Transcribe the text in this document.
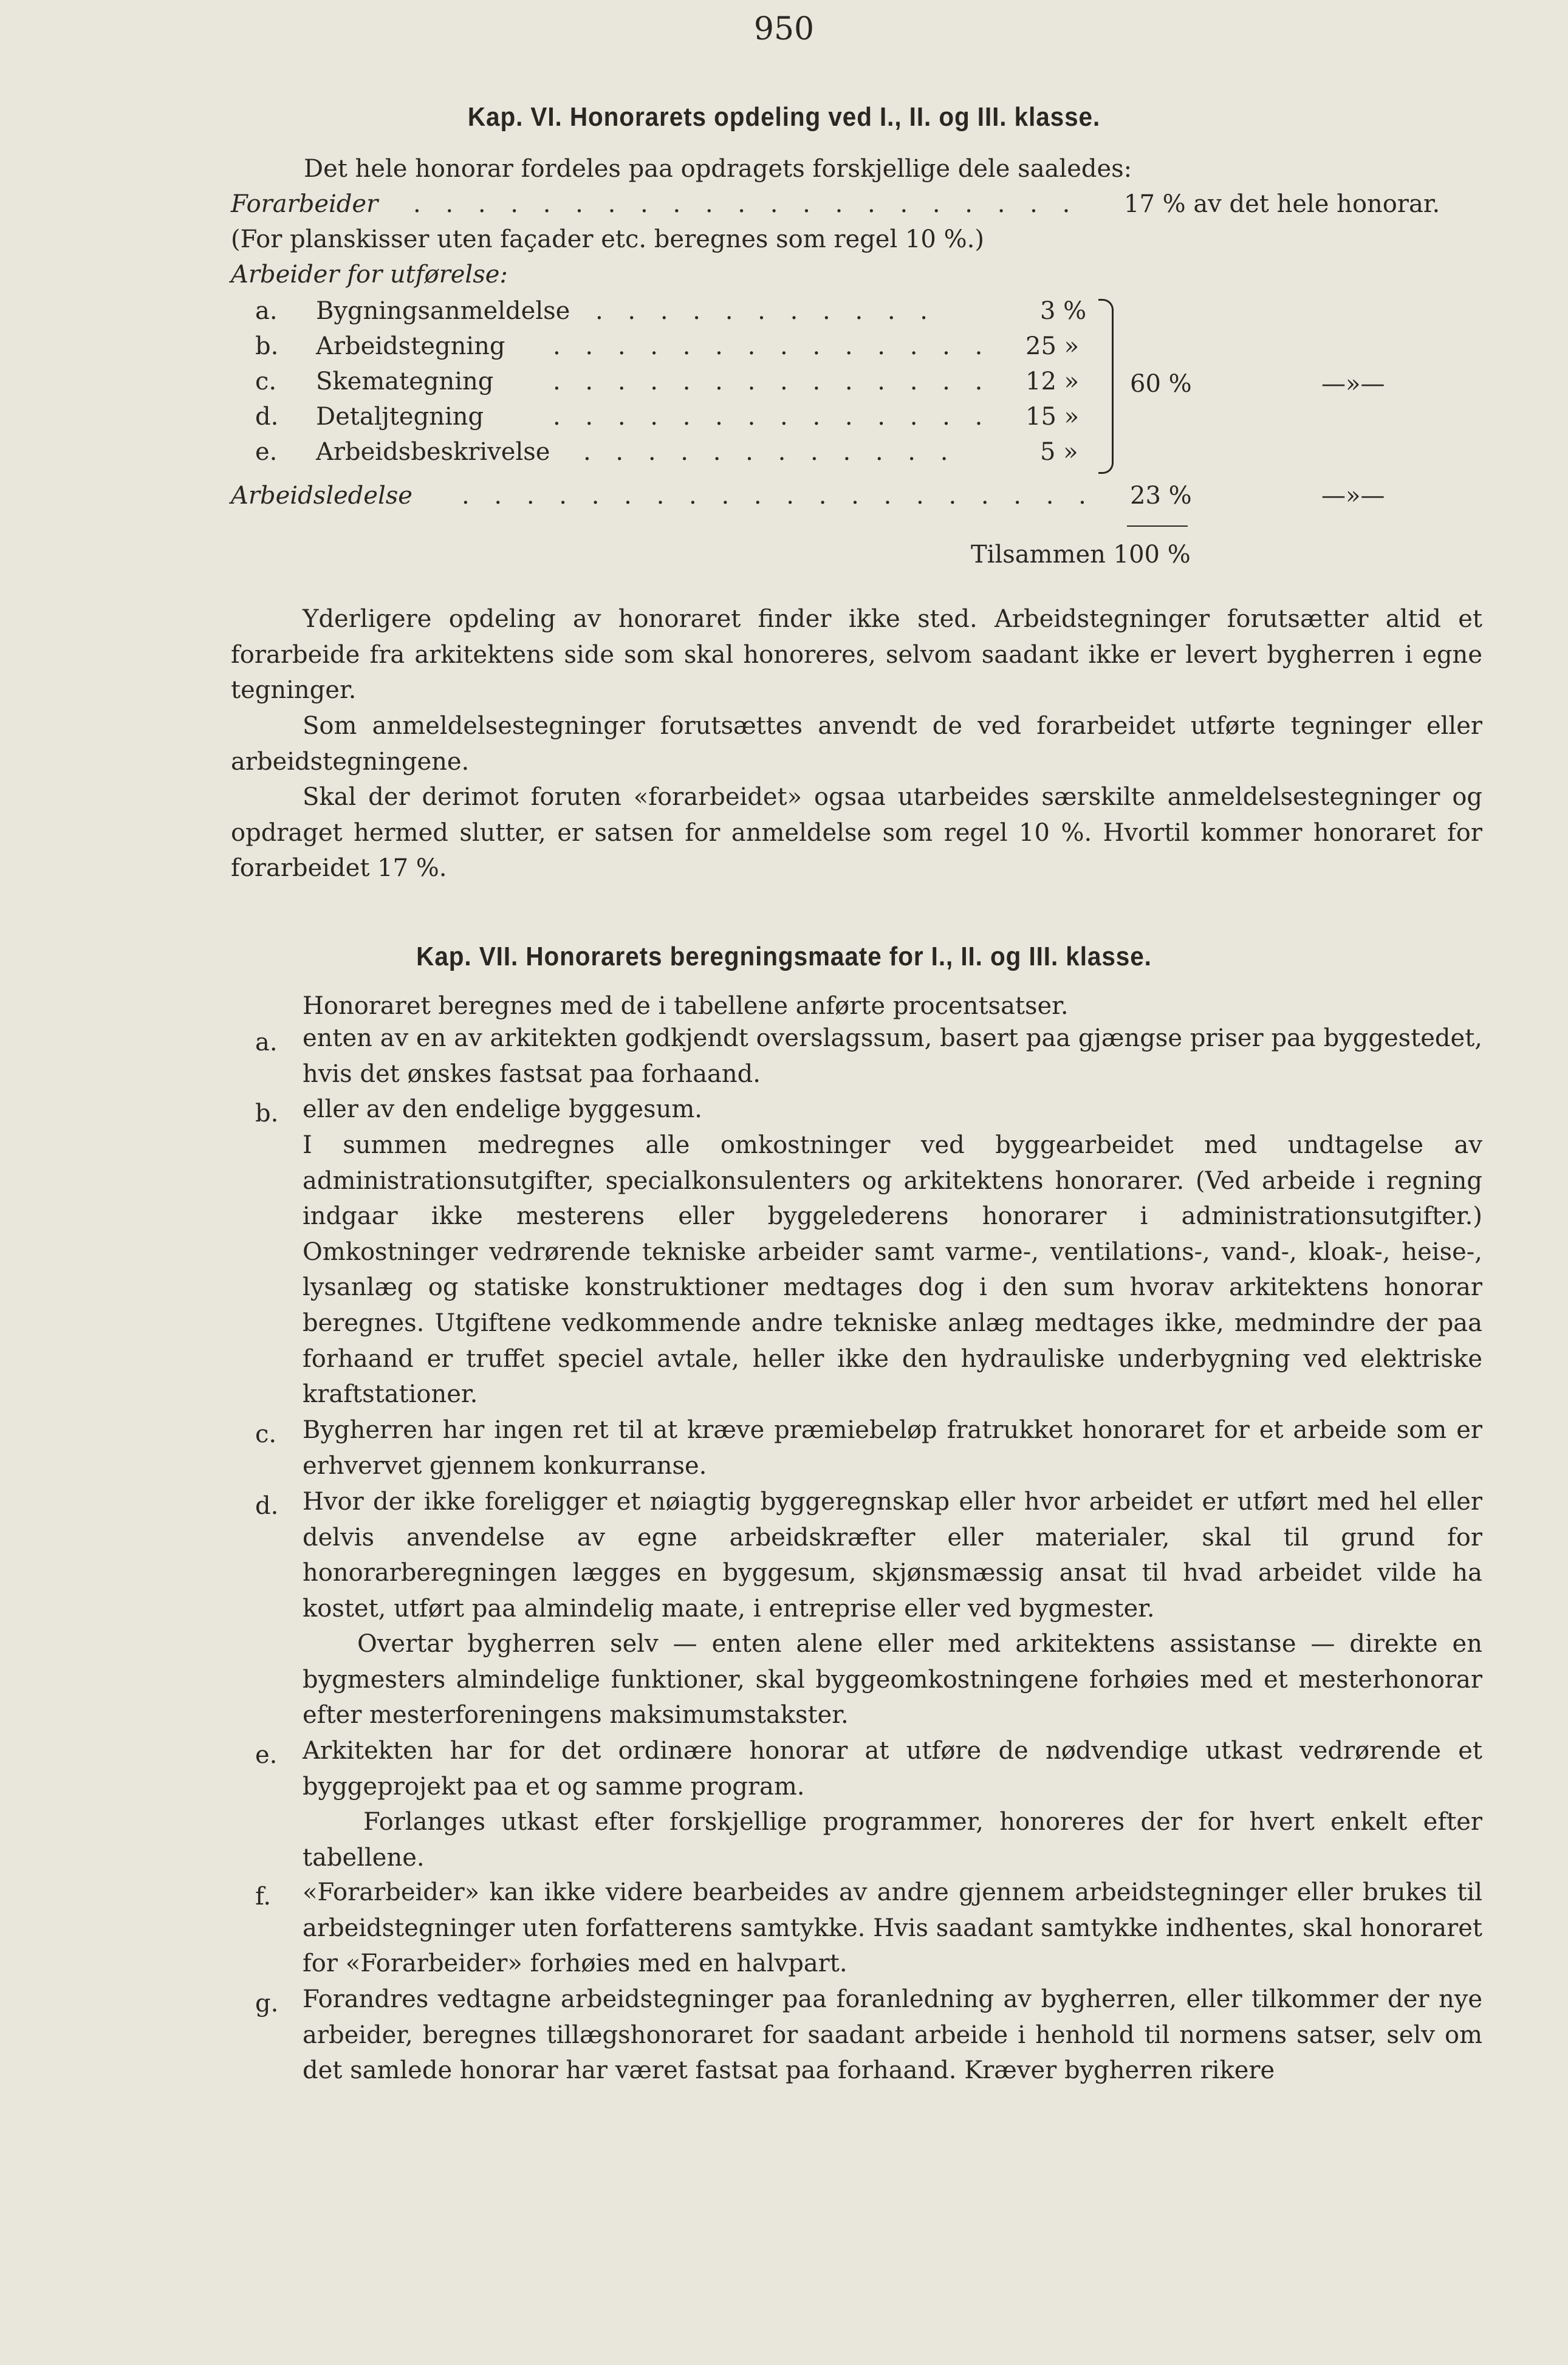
950
Kap. VI. Honorarets opdeling ved I., II. og III. klasse.
Det hele honorar fordeles paa opdragets forskjellige dele saaledes:
Forarbeider . . . . . . . . . . . . . . . . . . . . . 17 % av det hele honorar.
(For planskisser uten façader etc. beregnes som regel 10 %.)
Arbeider for utførelse:
a. Bygningsanmeldelse . . . . . . . . . . .	3 %
b. Arbeidstegning . . . . . . . . . . . . . . 25 »
c. Skemategning . . . . . . . . . . . . . . 12 »
d. Detaljtegning	. . . . . . . . . . . . . . 15 »
e. Arbeidsbeskrivelse . . . . . . . . . . . .	5 »
60 %	—»—
Arbeidsledelse . . . . . . . . . . . . . . . . . . . . 23 %	—»—
Tilsammen 100 %
Yderligere opdeling av honoraret finder ikke sted. Arbeidstegninger forutsætter altid et forarbeide fra arkitektens side som skal honoreres, selvom saadant ikke er levert bygherren i egne tegninger.
Som anmeldelsestegninger forutsættes anvendt de ved forarbeidet utførte tegninger eller arbeidstegningene.
Skal der derimot foruten «forarbeidet» ogsaa utarbeides særskilte anmeldelsestegninger og opdraget hermed slutter, er satsen for anmeldelse som regel 10 %. Hvortil kommer honoraret for forarbeidet 17 %.
Kap. VII. Honorarets beregningsmaate for I., II. og III. klasse.
Honoraret beregnes med de i tabellene anførte procentsatser.
a. enten av en av arkitekten godkjendt overslagssum, basert paa gjængse priser paa byggestedet, hvis det ønskes fastsat paa forhaand.
b. eller av den endelige byggesum.
I summen medregnes alle omkostninger ved byggearbeidet med undtagelse av administrationsutgifter, specialkonsulenters og arkitektens honorarer. (Ved arbeide i regning indgaar ikke mesterens eller byggelederens honorarer i administrationsutgifter.) Omkostninger vedrørende tekniske arbeider samt varme-, ventilations-, vand-, kloak-, heise-, lysanlæg og statiske konstruktioner medtages dog i den sum hvorav arkitektens honorar beregnes. Utgiftene vedkommende andre tekniske anlæg medtages ikke, medmindre der paa forhaand er truffet speciel avtale, heller ikke den hydrauliske underbygning ved elektriske kraftstationer.
c. Bygherren har ingen ret til at kræve præmiebeløp fratrukket honoraret for et arbeide som er erhvervet gjennem konkurranse.
d. Hvor der ikke foreligger et nøiagtig byggeregnskap eller hvor arbeidet er utført med hel eller delvis anvendelse av egne arbeidskræfter eller materialer, skal til grund for honorarberegningen lægges en byggesum, skjønsmæssig ansat til hvad arbeidet vilde ha kostet, utført paa almindelig maate, i entreprise eller ved bygmester.
Overtar bygherren selv — enten alene eller med arkitektens assistanse — direkte en bygmesters almindelige funktioner, skal byggeomkostningene forhøies med et mesterhonorar efter mesterforeningens maksimumstakster.
e. Arkitekten har for det ordinære honorar at utføre de nødvendige utkast vedrørende et byggeprojekt paa et og samme program.
Forlanges utkast efter forskjellige programmer, honoreres der for hvert enkelt efter tabellene.
f. «Forarbeider» kan ikke videre bearbeides av andre gjennem arbeidstegninger eller brukes til arbeidstegninger uten forfatterens samtykke. Hvis saadant samtykke indhentes, skal honoraret for «Forarbeider» forhøies med en halvpart.
g. Forandres vedtagne arbeidstegninger paa foranledning av bygherren, eller tilkommer der nye arbeider, beregnes tillægshonoraret for saadant arbeide i henhold til normens satser, selv om det samlede honorar har været fastsat paa forhaand. Kræver bygherren rikere
